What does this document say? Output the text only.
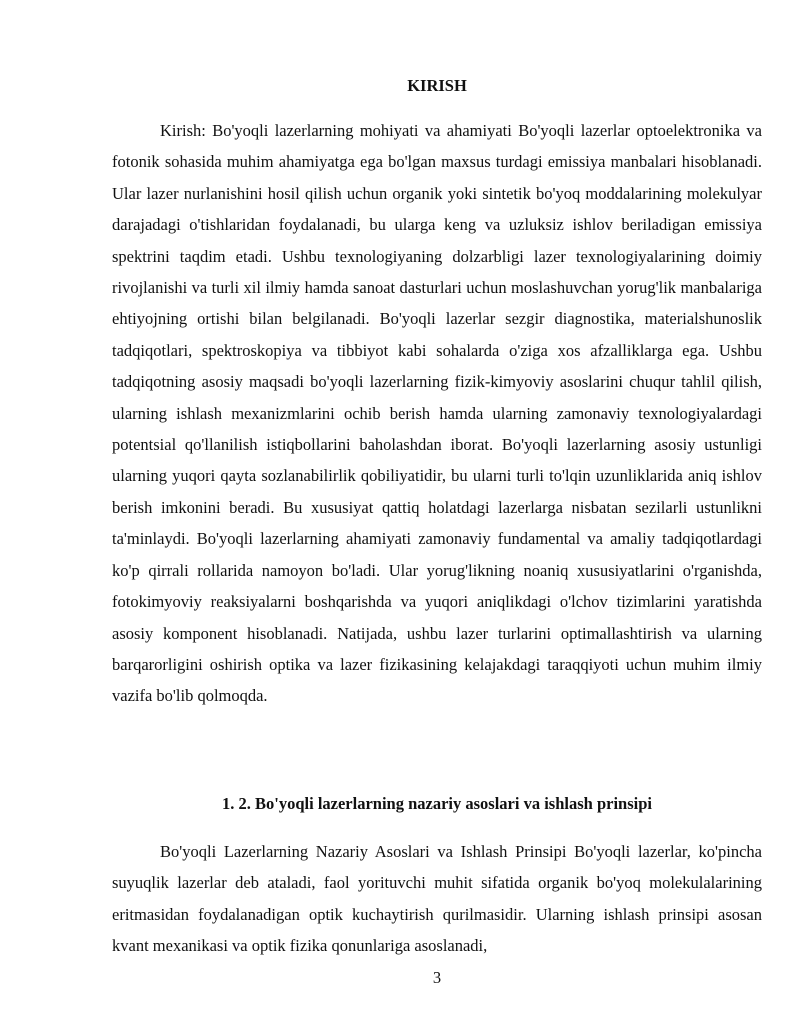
KIRISH

Kirish: Bo'yoqli lazerlarning mohiyati va ahamiyati Bo'yoqli lazerlar optoelektronika va fotonik sohasida muhim ahamiyatga ega bo'lgan maxsus turdagi emissiya manbalari hisoblanadi. Ular lazer nurlanishini hosil qilish uchun organik yoki sintetik bo'yoq moddalarining molekulyar darajadagi o'tishlaridan foydalanadi, bu ularga keng va uzluksiz ishlov beriladigan emissiya spektrini taqdim etadi. Ushbu texnologiyaning dolzarbligi lazer texnologiyalarining doimiy rivojlanishi va turli xil ilmiy hamda sanoat dasturlari uchun moslashuvchan yorug'lik manbalariga ehtiyojning ortishi bilan belgilanadi. Bo'yoqli lazerlar sezgir diagnostika, materialshunoslik tadqiqotlari, spektroskopiya va tibbiyot kabi sohalarda o'ziga xos afzalliklarga ega. Ushbu tadqiqotning asosiy maqsadi bo'yoqli lazerlarning fizik-kimyoviy asoslarini chuqur tahlil qilish, ularning ishlash mexanizmlarini ochib berish hamda ularning zamonaviy texnologiyalardagi potentsial qo'llanilish istiqbollarini baholashdan iborat. Bo'yoqli lazerlarning asosiy ustunligi ularning yuqori qayta sozlanabilirlik qobiliyatidir, bu ularni turli to'lqin uzunliklarida aniq ishlov berish imkonini beradi. Bu xususiyat qattiq holatdagi lazerlarga nisbatan sezilarli ustunlikni ta'minlaydi. Bo'yoqli lazerlarning ahamiyati zamonaviy fundamental va amaliy tadqiqotlardagi ko'p qirrali rollarida namoyon bo'ladi. Ular yorug'likning noaniq xususiyatlarini o'rganishda, fotokimyoviy reaksiyalarni boshqarishda va yuqori aniqlikdagi o'lchov tizimlarini yaratishda asosiy komponent hisoblanadi. Natijada, ushbu lazer turlarini optimallashtirish va ularning barqarorligini oshirish optika va lazer fizikasining kelajakdagi taraqqiyoti uchun muhim ilmiy vazifa bo'lib qolmoqda.

1. 2. Bo'yoqli lazerlarning nazariy asoslari va ishlash prinsipi

Bo'yoqli Lazerlarning Nazariy Asoslari va Ishlash Prinsipi Bo'yoqli lazerlar, ko'pincha suyuqlik lazerlar deb ataladi, faol yorituvchi muhit sifatida organik bo'yoq molekulalarining eritmasidan foydalanadigan optik kuchaytirish qurilmasidir. Ularning ishlash prinsipi asosan kvant mexanikasi va optik fizika qonunlariga asoslanadi,

3
